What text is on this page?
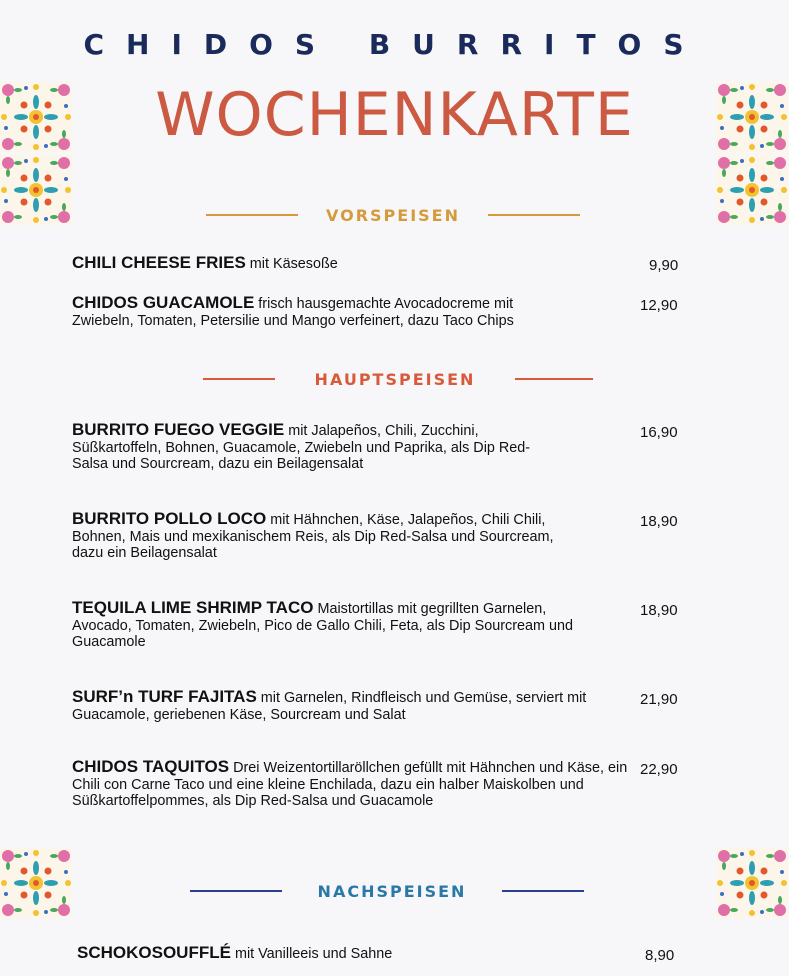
CHIDOS BURRITOS
WOCHENKARTE
VORSPEISEN
CHILI CHEESE FRIES mit Käsesoße	9,90
CHIDOS GUACAMOLE frisch hausgemachte Avocadocreme mit Zwiebeln, Tomaten, Petersilie und Mango verfeinert, dazu Taco Chips
12,90
HAUPTSPEISEN
BURRITO FUEGO VEGGIE mit Jalapeños, Chili, Zucchini, Süßkartoffeln, Bohnen, Guacamole, Zwiebeln und Paprika, als Dip Red-Salsa und Sourcream, dazu ein Beilagensalat
16,90
BURRITO POLLO LOCO mit Hähnchen, Käse, Jalapeños, Chili Chili, Bohnen, Mais und mexikanischem Reis, als Dip Red-Salsa und Sourcream, dazu ein Beilagensalat
18,90
TEQUILA LIME SHRIMP TACO Maistortillas mit gegrillten Garnelen, Avocado, Tomaten, Zwiebeln, Pico de Gallo Chili, Feta, als Dip Sourcream und Guacamole
18,90
SURF’n TURF FAJITAS mit Garnelen, Rindfleisch und Gemüse, serviert mit Guacamole, geriebenen Käse, Sourcream und Salat
21,90
CHIDOS TAQUITOS Drei Weizentortillaröllchen gefüllt mit Hähnchen und Käse, ein Chili con Carne Taco und eine kleine Enchilada, dazu ein halber Maiskolben und Süßkartoffelpommes, als Dip Red-Salsa und Guacamole
22,90
NACHSPEISEN
SCHOKOSOUFFLÉ mit Vanilleeis und Sahne	8,90
